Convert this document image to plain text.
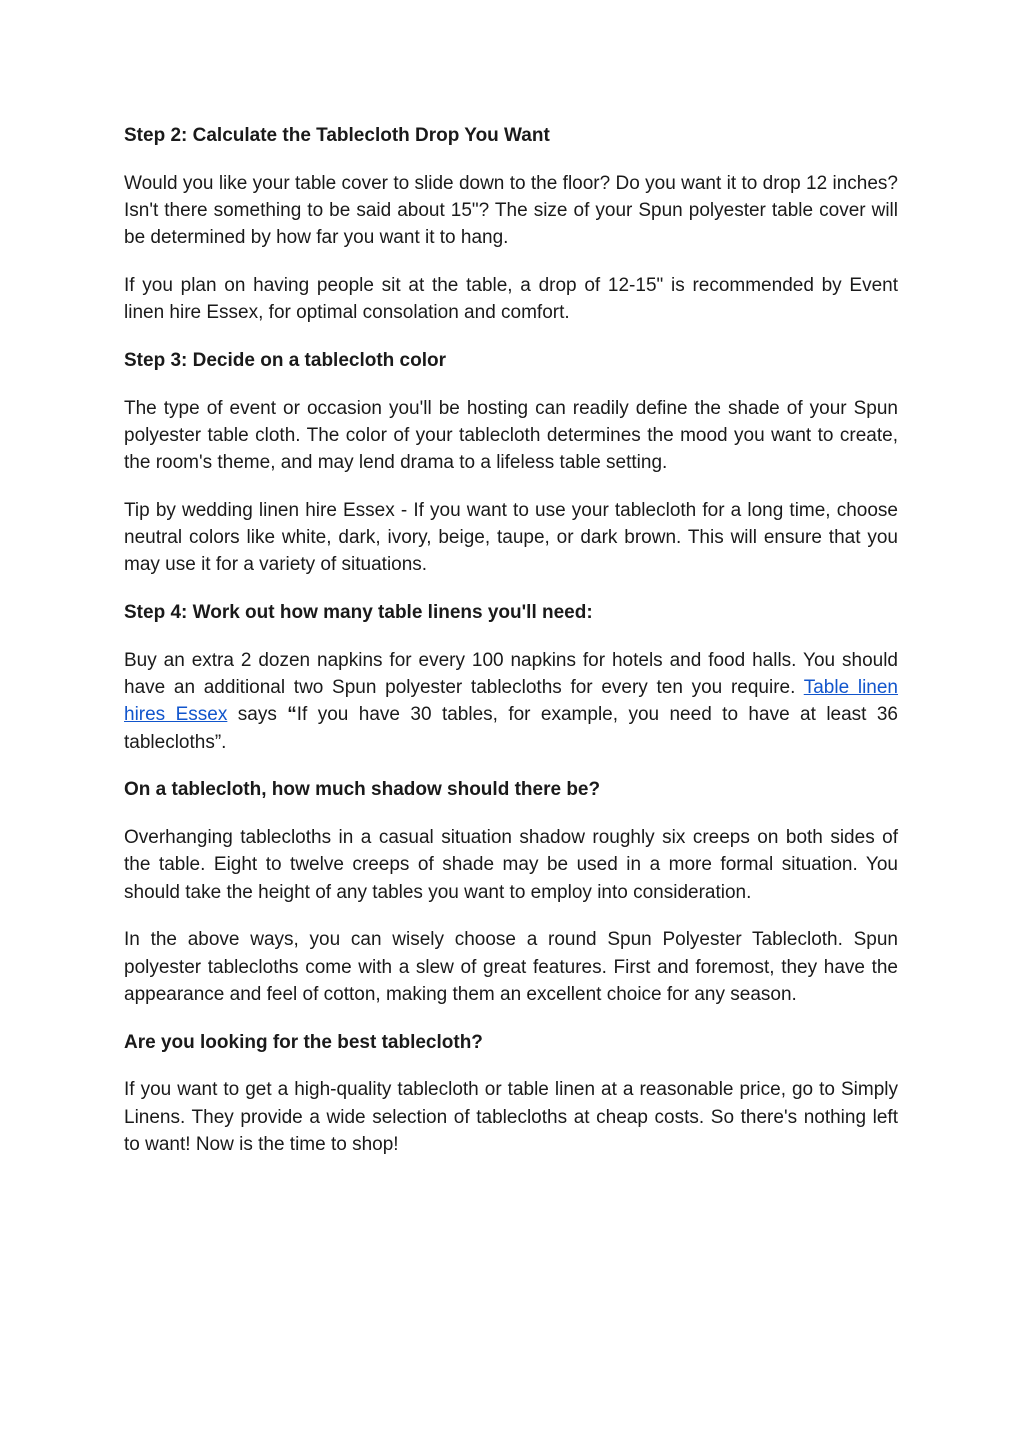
Step 2: Calculate the Tablecloth Drop You Want

Would you like your table cover to slide down to the floor? Do you want it to drop 12 inches? Isn't there something to be said about 15"? The size of your Spun polyester table cover will be determined by how far you want it to hang.

If you plan on having people sit at the table, a drop of 12-15" is recommended by Event linen hire Essex, for optimal consolation and comfort.

Step 3: Decide on a tablecloth color

The type of event or occasion you'll be hosting can readily define the shade of your Spun polyester table cloth. The color of your tablecloth determines the mood you want to create, the room's theme, and may lend drama to a lifeless table setting.

Tip by wedding linen hire Essex - If you want to use your tablecloth for a long time, choose neutral colors like white, dark, ivory, beige, taupe, or dark brown. This will ensure that you may use it for a variety of situations.

Step 4: Work out how many table linens you'll need:

Buy an extra 2 dozen napkins for every 100 napkins for hotels and food halls. You should have an additional two Spun polyester tablecloths for every ten you require. Table linen hires Essex says “If you have 30 tables, for example, you need to have at least 36 tablecloths”.

On a tablecloth, how much shadow should there be?

Overhanging tablecloths in a casual situation shadow roughly six creeps on both sides of the table. Eight to twelve creeps of shade may be used in a more formal situation. You should take the height of any tables you want to employ into consideration.

In the above ways, you can wisely choose a round Spun Polyester Tablecloth. Spun polyester tablecloths come with a slew of great features. First and foremost, they have the appearance and feel of cotton, making them an excellent choice for any season.

Are you looking for the best tablecloth?

If you want to get a high-quality tablecloth or table linen at a reasonable price, go to Simply Linens. They provide a wide selection of tablecloths at cheap costs. So there's nothing left to want! Now is the time to shop!
